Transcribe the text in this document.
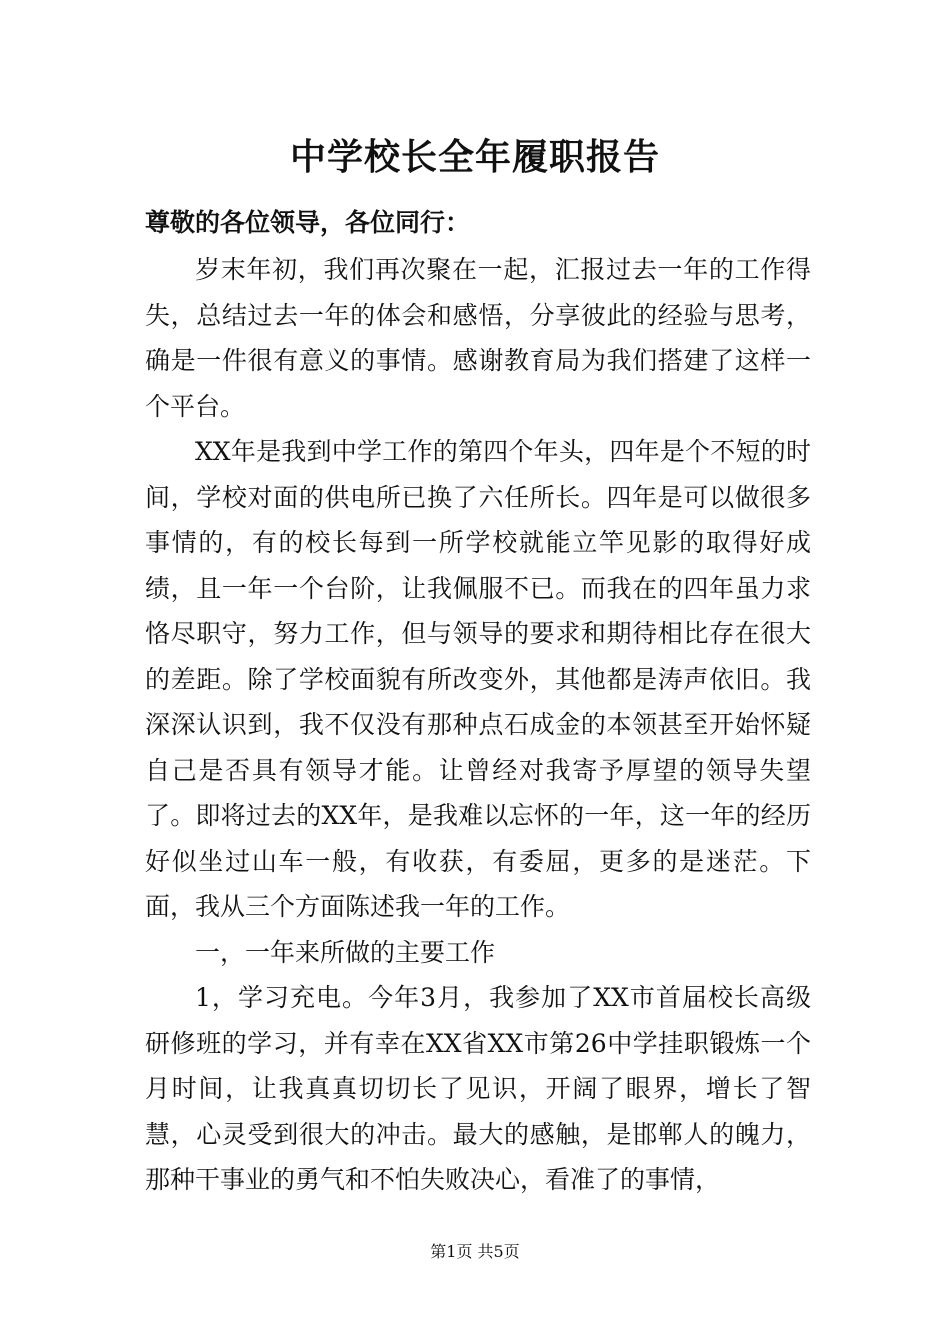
中学校长全年履职报告
尊敬的各位领导，各位同行：

岁末年初，我们再次聚在一起，汇报过去一年的工作得失，总结过去一年的体会和感悟，分享彼此的经验与思考，确是一件很有意义的事情。感谢教育局为我们搭建了这样一个平台。

XX年是我到中学工作的第四个年头，四年是个不短的时间，学校对面的供电所已换了六任所长。四年是可以做很多事情的，有的校长每到一所学校就能立竿见影的取得好成绩，且一年一个台阶，让我佩服不已。而我在的四年虽力求恪尽职守，努力工作，但与领导的要求和期待相比存在很大的差距。除了学校面貌有所改变外，其他都是涛声依旧。我深深认识到，我不仅没有那种点石成金的本领甚至开始怀疑自己是否具有领导才能。让曾经对我寄予厚望的领导失望了。即将过去的XX年，是我难以忘怀的一年，这一年的经历好似坐过山车一般，有收获，有委屈，更多的是迷茫。下面，我从三个方面陈述我一年的工作。

一，一年来所做的主要工作

1，学习充电。今年3月，我参加了XX市首届校长高级研修班的学习，并有幸在XX省XX市第26中学挂职锻炼一个月时间，让我真真切切长了见识，开阔了眼界，增长了智慧，心灵受到很大的冲击。最大的感触，是邯郸人的魄力，那种干事业的勇气和不怕失败决心，看准了的事情，

第1页 共5页
